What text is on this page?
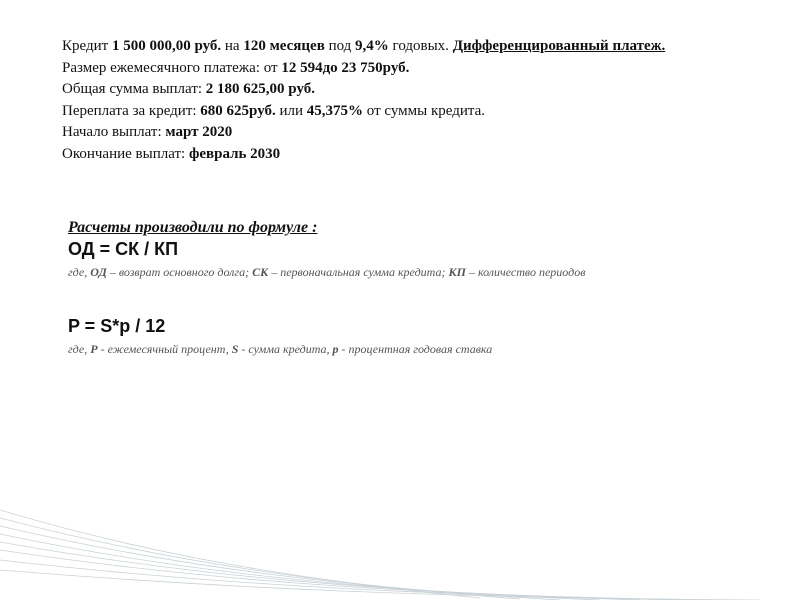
Кредит 1 500 000,00 руб. на 120 месяцев под 9,4% годовых. Дифференцированный платеж.

Размер ежемесячного платежа: от 12 594до 23 750руб.

Общая сумма выплат: 2 180 625,00 руб.

Переплата за кредит: 680 625руб. или 45,375% от суммы кредита.

Начало выплат: март 2020

Окончание выплат: февраль 2030

Расчеты производили по формуле :

ОД = СК / КП

где, ОД – возврат основного долга; СК – первоначальная сумма кредита; КП – количество периодов

P = S*p / 12

где, P - ежемесячный процент, S - сумма кредита, p - процентная годовая ставка
